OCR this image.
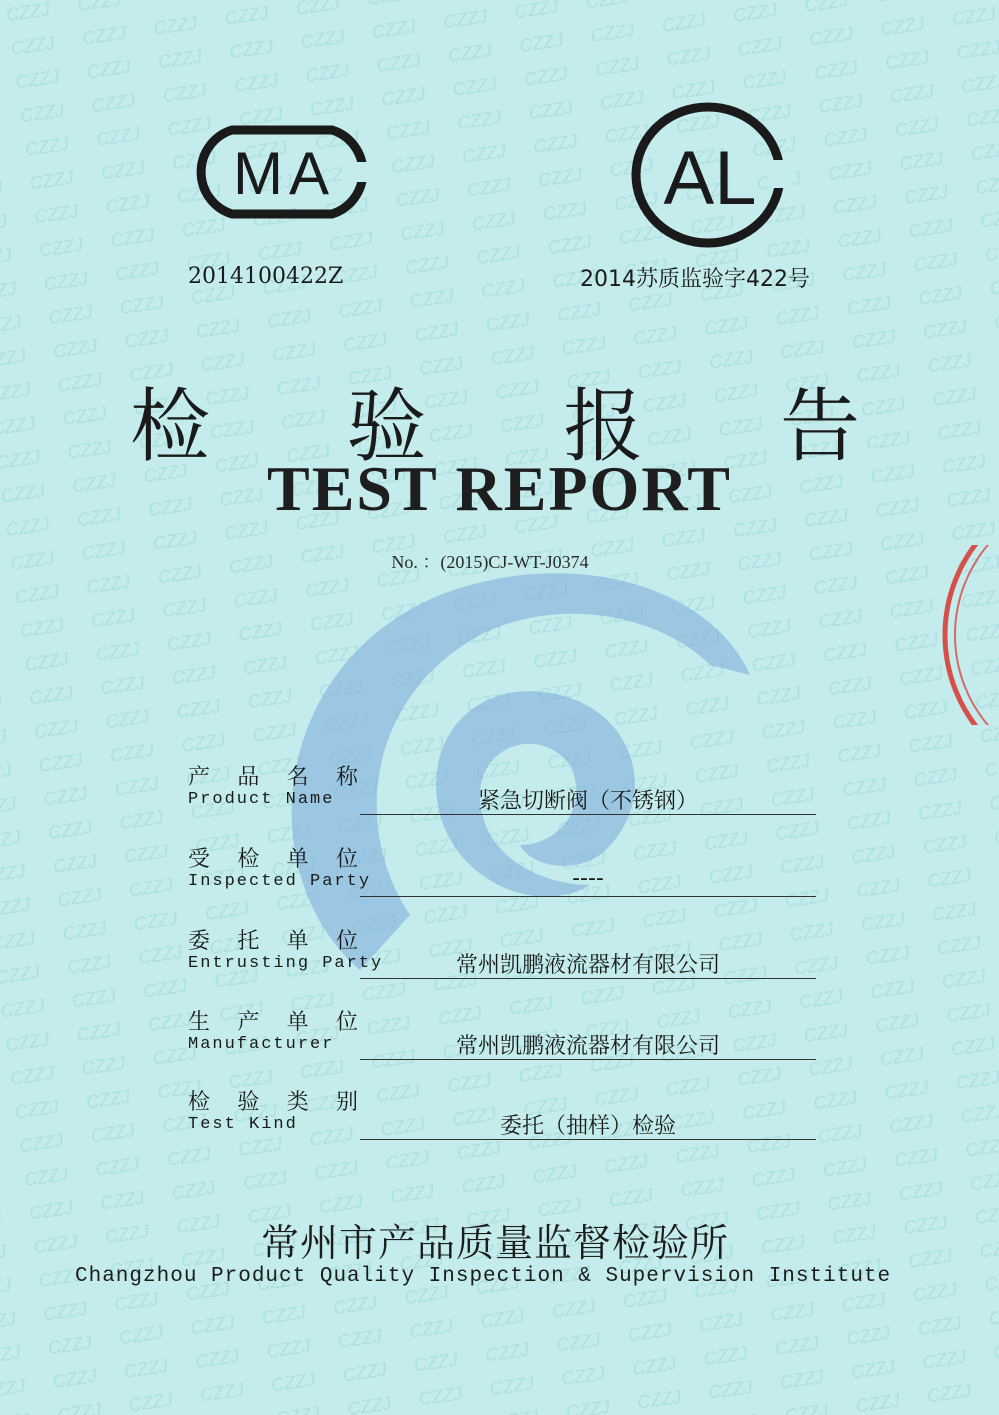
MA	AL
2014100422Z	2014苏质监验字422号
检 验 报 告
TEST REPORT
No. ：(2015)CJ-WT-J0374
产 品 名 称
Product Name	紧急切断阀（不锈钢）
受 检 单 位
Inspected Party	----
委 托 单 位
Entrusting Party	常州凯鹏液流器材有限公司
生 产 单 位
Manufacturer	常州凯鹏液流器材有限公司
检 验 类 别
Test Kind	委托（抽样）检验
常州市产品质量监督检验所
Changzhou Product Quality Inspection & Supervision Institute
